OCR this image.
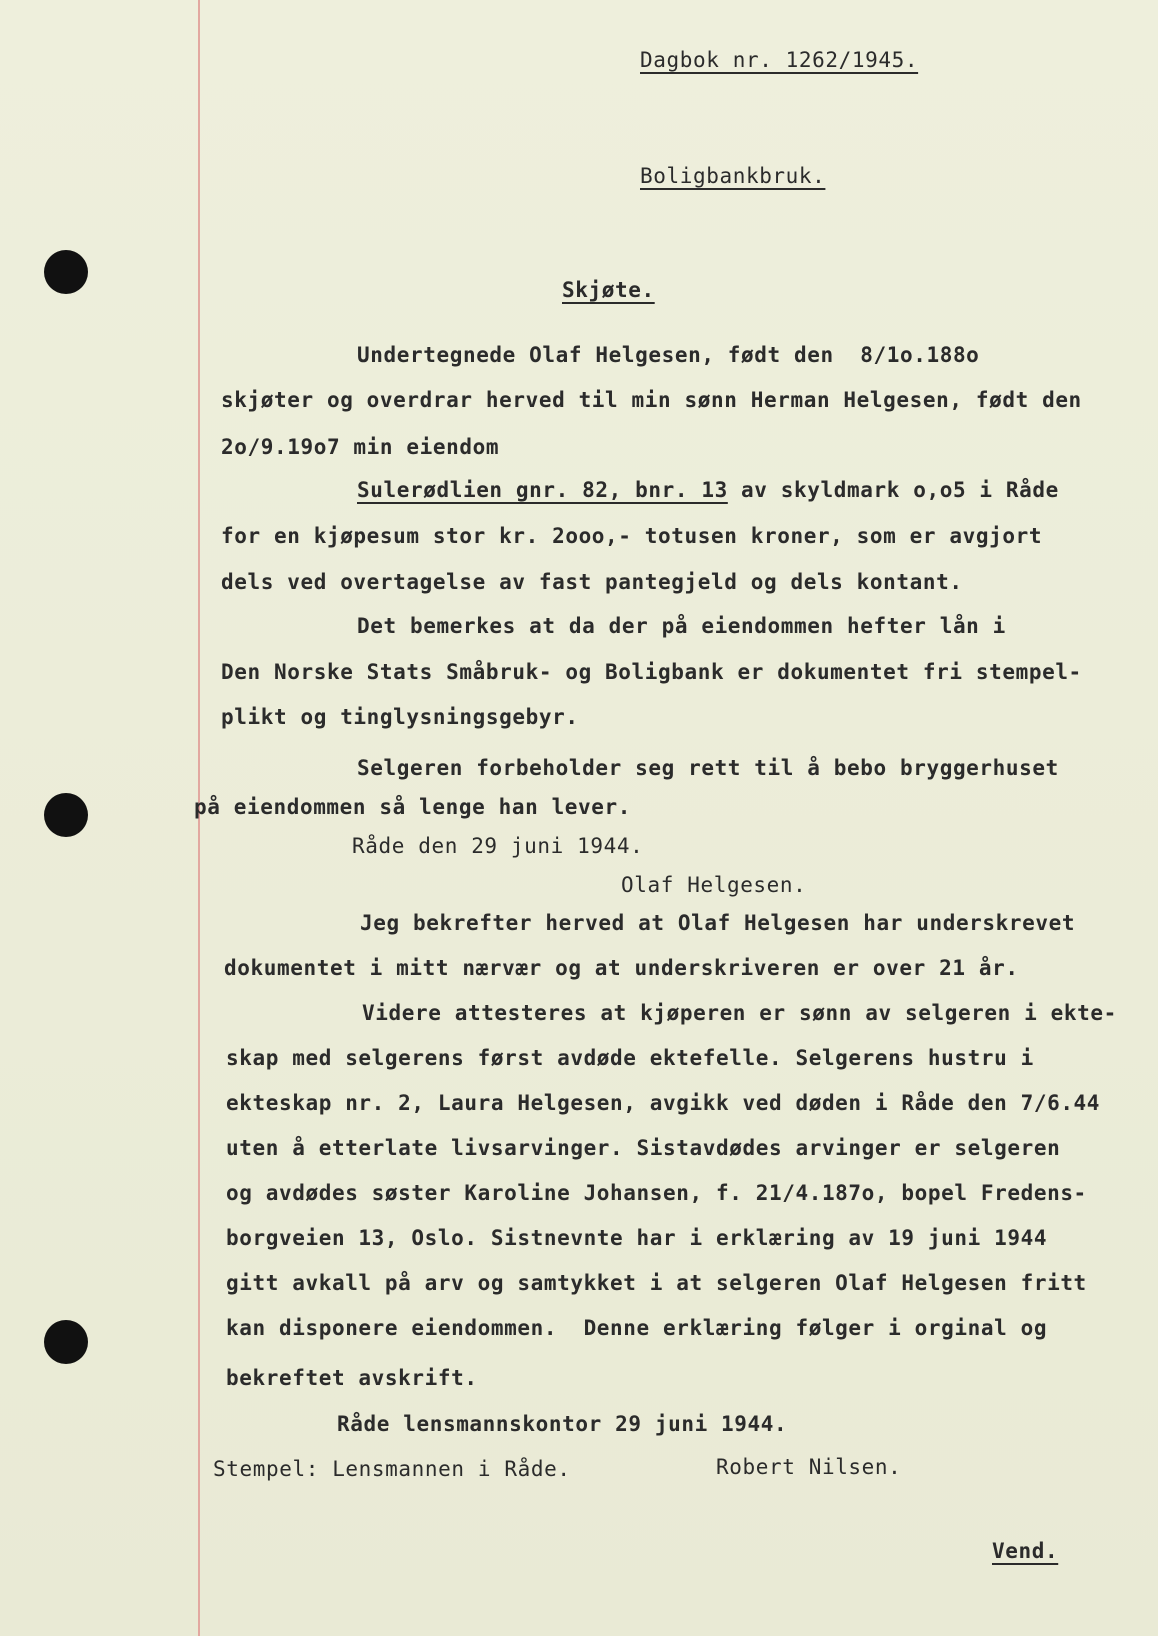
Dagbok nr. 1262/1945.
Boligbankbruk.
Skjøte.
Undertegnede Olaf Helgesen, født den  8/1o.188o
skjøter og overdrar herved til min sønn Herman Helgesen, født den
2o/9.19o7 min eiendom
Sulerødlien gnr. 82, bnr. 13 av skyldmark o,o5 i Råde
for en kjøpesum stor kr. 2ooo,- totusen kroner, som er avgjort
dels ved overtagelse av fast pantegjeld og dels kontant.
Det bemerkes at da der på eiendommen hefter lån i
Den Norske Stats Småbruk- og Boligbank er dokumentet fri stempel-
plikt og tinglysningsgebyr.
Selgeren forbeholder seg rett til å bebo bryggerhuset
på eiendommen så lenge han lever.
Råde den 29 juni 1944.
Olaf Helgesen.
Jeg bekrefter herved at Olaf Helgesen har underskrevet
dokumentet i mitt nærvær og at underskriveren er over 21 år.
Videre attesteres at kjøperen er sønn av selgeren i ekte-
skap med selgerens først avdøde ektefelle. Selgerens hustru i
ekteskap nr. 2, Laura Helgesen, avgikk ved døden i Råde den 7/6.44
uten å etterlate livsarvinger. Sistavdødes arvinger er selgeren
og avdødes søster Karoline Johansen, f. 21/4.187o, bopel Fredens-
borgveien 13, Oslo. Sistnevnte har i erklæring av 19 juni 1944
gitt avkall på arv og samtykket i at selgeren Olaf Helgesen fritt
kan disponere eiendommen.  Denne erklæring følger i orginal og
bekreftet avskrift.
Råde lensmannskontor 29 juni 1944.
Stempel: Lensmannen i Råde.	Robert Nilsen.
Vend.
